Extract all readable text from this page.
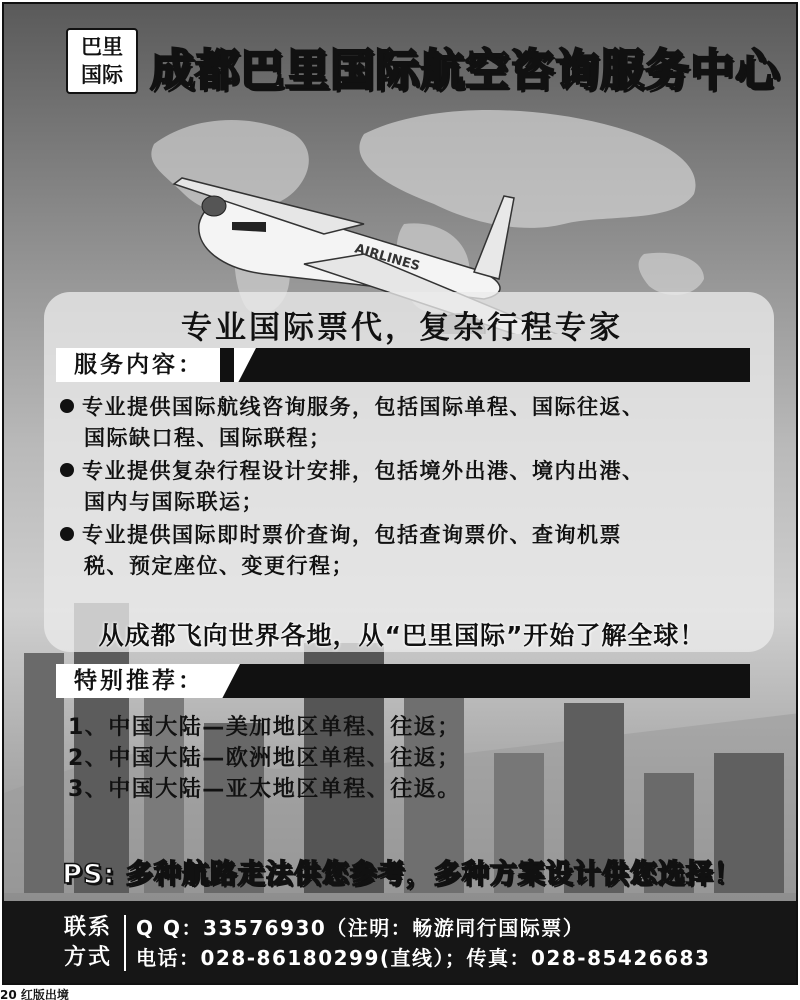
AIRLINES
巴里
国际 成都巴里国际航空咨询服务中心
专业国际票代，复杂行程专家
服务内容：
专业提供国际航线咨询服务，包括国际单程、国际往返、
国际缺口程、国际联程；
专业提供复杂行程设计安排，包括境外出港、境内出港、
国内与国际联运；
专业提供国际即时票价查询，包括查询票价、查询机票
税、预定座位、变更行程；
从成都飞向世界各地，从“巴里国际”开始了解全球！
特别推荐：
1、中国大陆—美加地区单程、往返；
2、中国大陆—欧洲地区单程、往返；
3、中国大陆—亚太地区单程、往返。
PS: 多种航路走法供您参考，多种方案设计供您选择！
联系
方式
Q Q：33576930（注明：畅游同行国际票）
电话：028-86180299(直线）；传真：028-85426683
20 红版出境
